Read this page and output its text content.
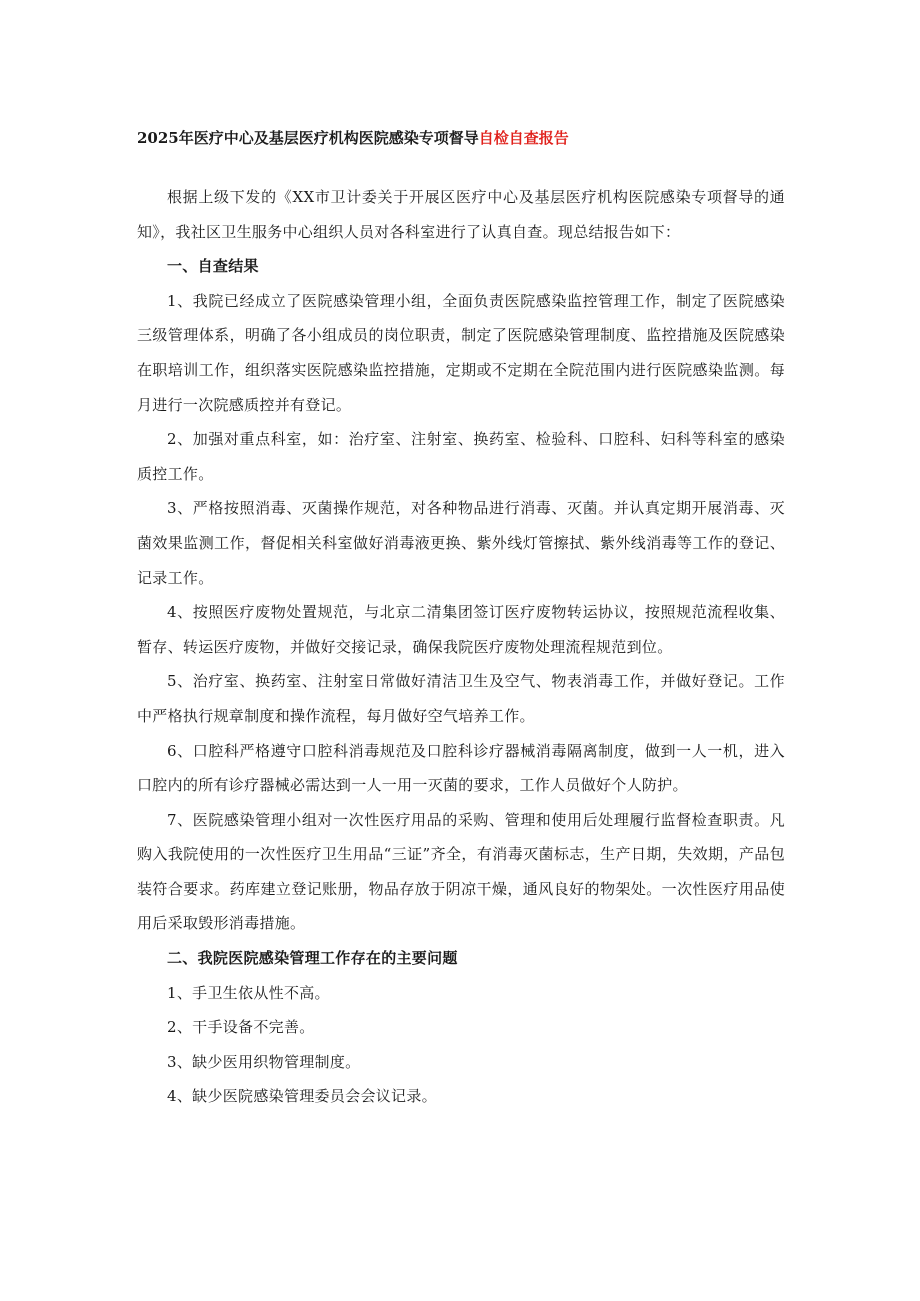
2025年医疗中心及基层医疗机构医院感染专项督导自检自查报告

根据上级下发的《XX市卫计委关于开展区医疗中心及基层医疗机构医院感染专项督导的通知》，我社区卫生服务中心组织人员对各科室进行了认真自查。现总结报告如下：

一、自查结果

1、我院已经成立了医院感染管理小组，全面负责医院感染监控管理工作，制定了医院感染三级管理体系，明确了各小组成员的岗位职责，制定了医院感染管理制度、监控措施及医院感染在职培训工作，组织落实医院感染监控措施，定期或不定期在全院范围内进行医院感染监测。每月进行一次院感质控并有登记。

2、加强对重点科室，如：治疗室、注射室、换药室、检验科、口腔科、妇科等科室的感染质控工作。

3、严格按照消毒、灭菌操作规范，对各种物品进行消毒、灭菌。并认真定期开展消毒、灭菌效果监测工作，督促相关科室做好消毒液更换、紫外线灯管擦拭、紫外线消毒等工作的登记、记录工作。

4、按照医疗废物处置规范，与北京二清集团签订医疗废物转运协议，按照规范流程收集、暂存、转运医疗废物，并做好交接记录，确保我院医疗废物处理流程规范到位。

5、治疗室、换药室、注射室日常做好清洁卫生及空气、物表消毒工作，并做好登记。工作中严格执行规章制度和操作流程，每月做好空气培养工作。

6、口腔科严格遵守口腔科消毒规范及口腔科诊疗器械消毒隔离制度，做到一人一机，进入口腔内的所有诊疗器械必需达到一人一用一灭菌的要求，工作人员做好个人防护。

7、医院感染管理小组对一次性医疗用品的采购、管理和使用后处理履行监督检查职责。凡购入我院使用的一次性医疗卫生用品“三证”齐全，有消毒灭菌标志，生产日期，失效期，产品包装符合要求。药库建立登记账册，物品存放于阴凉干燥，通风良好的物架处。一次性医疗用品使用后采取毁形消毒措施。

二、我院医院感染管理工作存在的主要问题

1、手卫生依从性不高。

2、干手设备不完善。

3、缺少医用织物管理制度。

4、缺少医院感染管理委员会会议记录。
